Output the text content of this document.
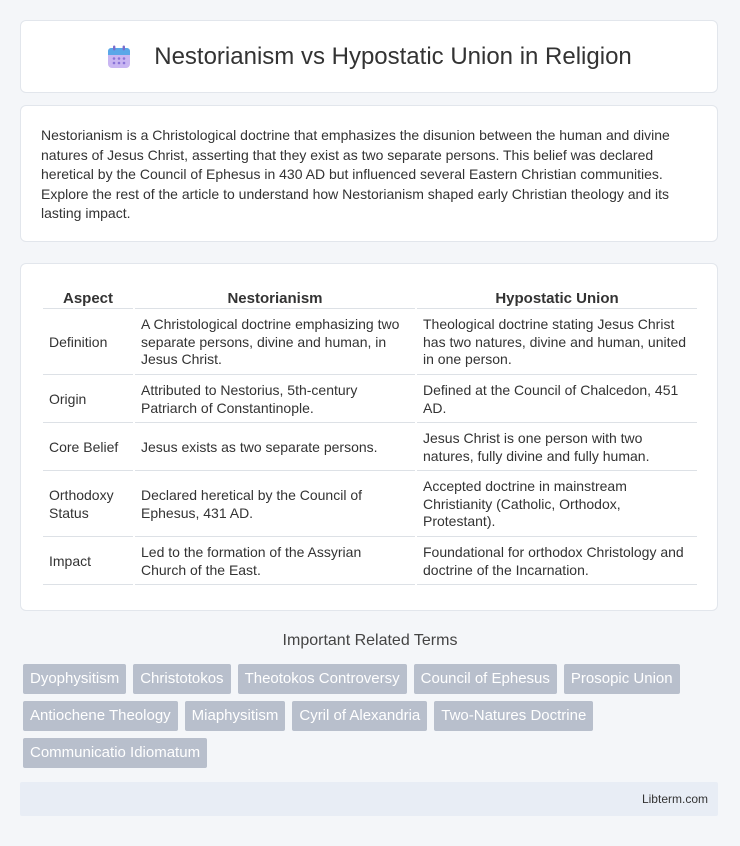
Nestorianism vs Hypostatic Union in Religion

Nestorianism is a Christological doctrine that emphasizes the disunion between the human and divine natures of Jesus Christ, asserting that they exist as two separate persons. This belief was declared heretical by the Council of Ephesus in 430 AD but influenced several Eastern Christian communities. Explore the rest of the article to understand how Nestorianism shaped early Christian theology and its lasting impact.

Aspect	Nestorianism	Hypostatic Union
Definition	A Christological doctrine emphasizing two separate persons, divine and human, in Jesus Christ.	Theological doctrine stating Jesus Christ has two natures, divine and human, united in one person.
Origin	Attributed to Nestorius, 5th-century Patriarch of Constantinople.	Defined at the Council of Chalcedon, 451 AD.
Core Belief	Jesus exists as two separate persons.	Jesus Christ is one person with two natures, fully divine and fully human.
Orthodoxy Status	Declared heretical by the Council of Ephesus, 431 AD.	Accepted doctrine in mainstream Christianity (Catholic, Orthodox, Protestant).
Impact	Led to the formation of the Assyrian Church of the East.	Foundational for orthodox Christology and doctrine of the Incarnation.
Important Related Terms
Dyophysitism	Christotokos	Theotokos Controversy	Council of Ephesus	Prosopic Union
Antiochene Theology	Miaphysitism	Cyril of Alexandria	Two-Natures Doctrine
Communicatio Idiomatum
Libterm.com
